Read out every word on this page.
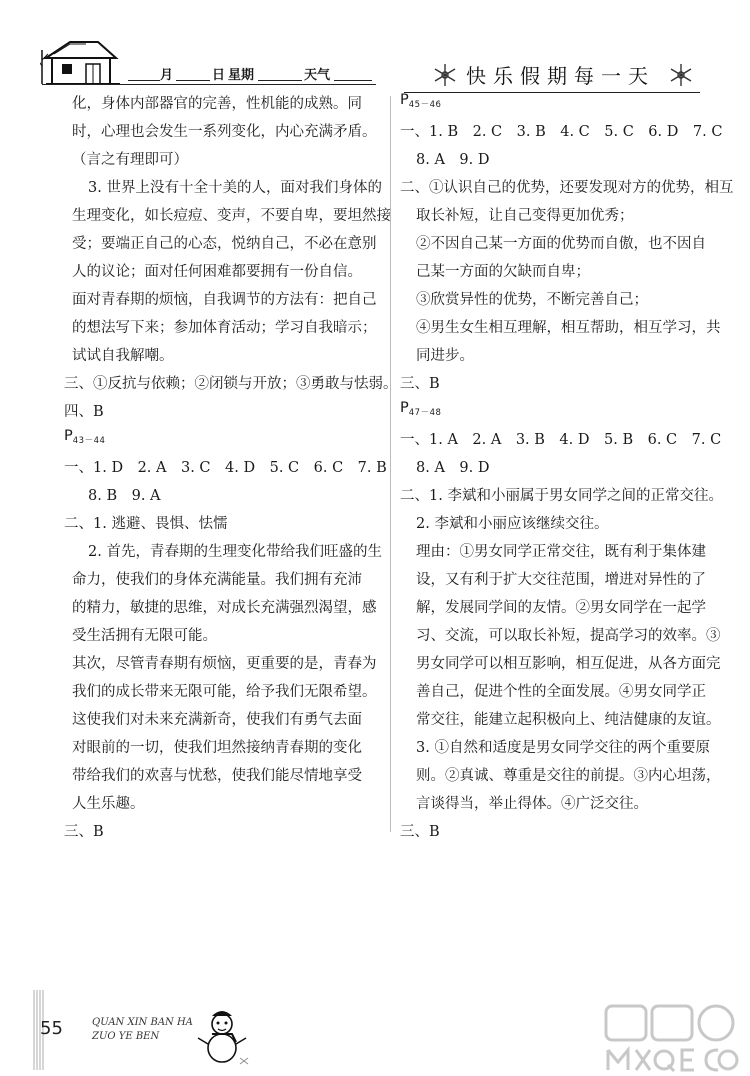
月	日 星期	天气	快乐假期每一天
化，身体内部器官的完善，性机能的成熟。同
时，心理也会发生一系列变化，内心充满矛盾。
（言之有理即可）
3. 世界上没有十全十美的人，面对我们身体的
生理变化，如长痘痘、变声，不要自卑，要坦然接
受；要端正自己的心态，悦纳自己，不必在意别
人的议论；面对任何困难都要拥有一份自信。
面对青春期的烦恼，自我调节的方法有：把自己
的想法写下来；参加体育活动；学习自我暗示；
试试自我解嘲。
三、①反抗与依赖；②闭锁与开放；③勇敢与怯弱。
四、B
$P_{43-44}$
一、1. D　2. A　3. C　4. D　5. C　6. C　7. B
8. B　9. A
二、1. 逃避、畏惧、怯懦
2. 首先，青春期的生理变化带给我们旺盛的生
命力，使我们的身体充满能量。我们拥有充沛
的精力，敏捷的思维，对成长充满强烈渴望，感
受生活拥有无限可能。
其次，尽管青春期有烦恼，更重要的是，青春为
我们的成长带来无限可能，给予我们无限希望。
这使我们对未来充满新奇，使我们有勇气去面
对眼前的一切，使我们坦然接纳青春期的变化
带给我们的欢喜与忧愁，使我们能尽情地享受
人生乐趣。
三、B
$P_{45-46}$
一、1. B　2. C　3. B　4. C　5. C　6. D　7. C
8. A　9. D
二、①认识自己的优势，还要发现对方的优势，相互
取长补短，让自己变得更加优秀；
②不因自己某一方面的优势而自傲，也不因自
己某一方面的欠缺而自卑；
③欣赏异性的优势，不断完善自己；
④男生女生相互理解，相互帮助，相互学习，共
同进步。
三、B
$P_{47-48}$
一、1. A　2. A　3. B　4. D　5. B　6. C　7. C
8. A　9. D
二、1. 李斌和小丽属于男女同学之间的正常交往。
2. 李斌和小丽应该继续交往。
理由：①男女同学正常交往，既有利于集体建
设，又有利于扩大交往范围，增进对异性的了
解，发展同学间的友情。②男女同学在一起学
习、交流，可以取长补短，提高学习的效率。③
男女同学可以相互影响，相互促进，从各方面完
善自己，促进个性的全面发展。④男女同学正
常交往，能建立起积极向上、纯洁健康的友谊。
3. ①自然和适度是男女同学交往的两个重要原
则。②真诚、尊重是交往的前提。③内心坦荡，
言谈得当，举止得体。④广泛交往。
三、B
55	QUAN XIN BAN HA
ZUO YE BEN
